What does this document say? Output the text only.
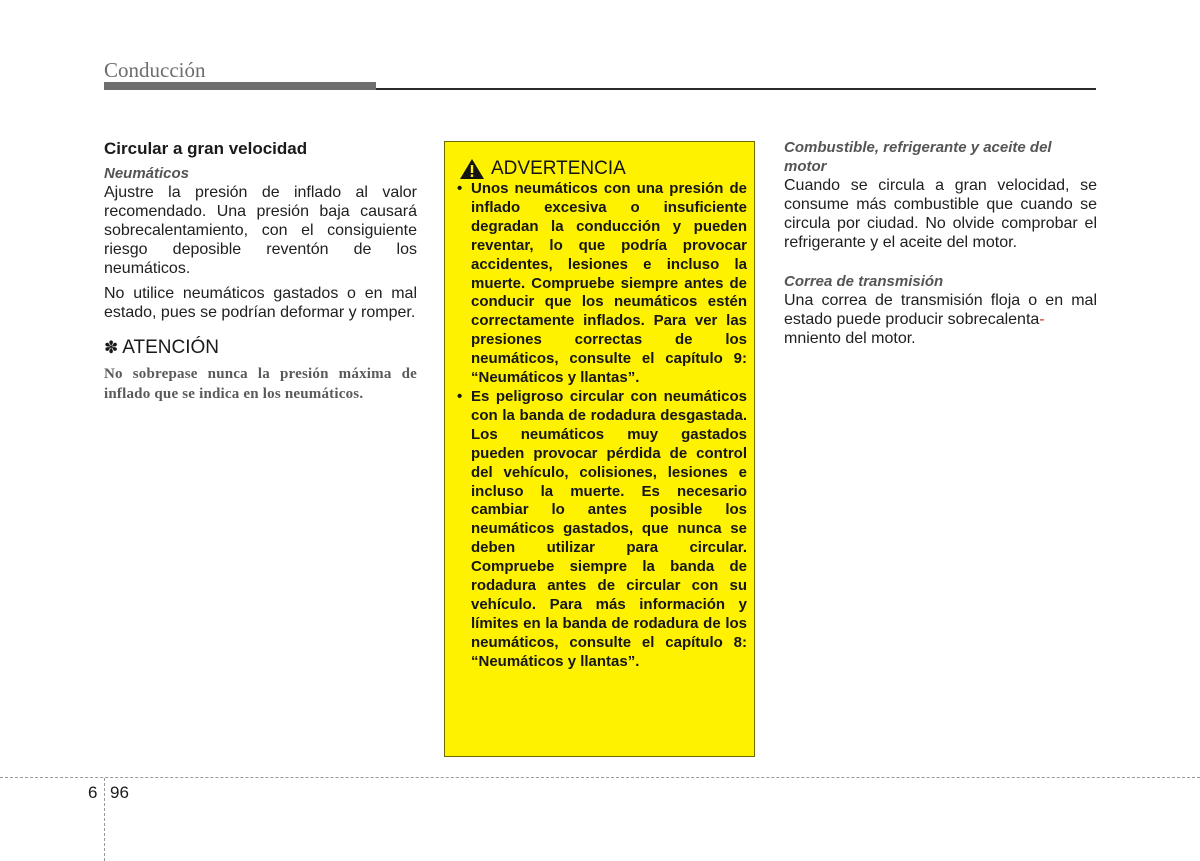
Conducción
Circular a gran velocidad

Neumáticos

Ajustre la presión de inflado al valor recomendado. Una presión baja causará sobrecalentamiento, con el consiguiente riesgo deposible reventón de los neumáticos.

No utilice neumáticos gastados o en mal estado, pues se podrían deformar y romper.

✽ ATENCIÓN

No sobrepase nunca la presión máxima de inflado que se indica en los neumáticos.

ADVERTENCIA
• Unos neumáticos con una presión de inflado excesiva o insuficiente degradan la conducción y pueden reventar, lo que podría provocar accidentes, lesiones e incluso la muerte. Compruebe siempre antes de conducir que los neumáticos estén correctamente inflados. Para ver las presiones correctas de los neumáticos, consulte el capítulo 9: “Neumáticos y llantas”.
• Es peligroso circular con neumáticos con la banda de rodadura desgastada. Los neumáticos muy gastados pueden provocar pérdida de control del vehículo, colisiones, lesiones e incluso la muerte. Es necesario cambiar lo antes posible los neumáticos gastados, que nunca se deben utilizar para circular. Compruebe siempre la banda de rodadura antes de circular con su vehículo. Para más información y límites en la banda de rodadura de los neumáticos, consulte el capítulo 8: “Neumáticos y llantas”.

Combustible, refrigerante y aceite del motor

Cuando se circula a gran velocidad, se consume más combustible que cuando se circula por ciudad. No olvide comprobar el refrigerante y el aceite del motor.

Correa de transmisión

Una correa de transmisión floja o en mal estado puede producir sobrecalenta-
mniento del motor.

6 96
